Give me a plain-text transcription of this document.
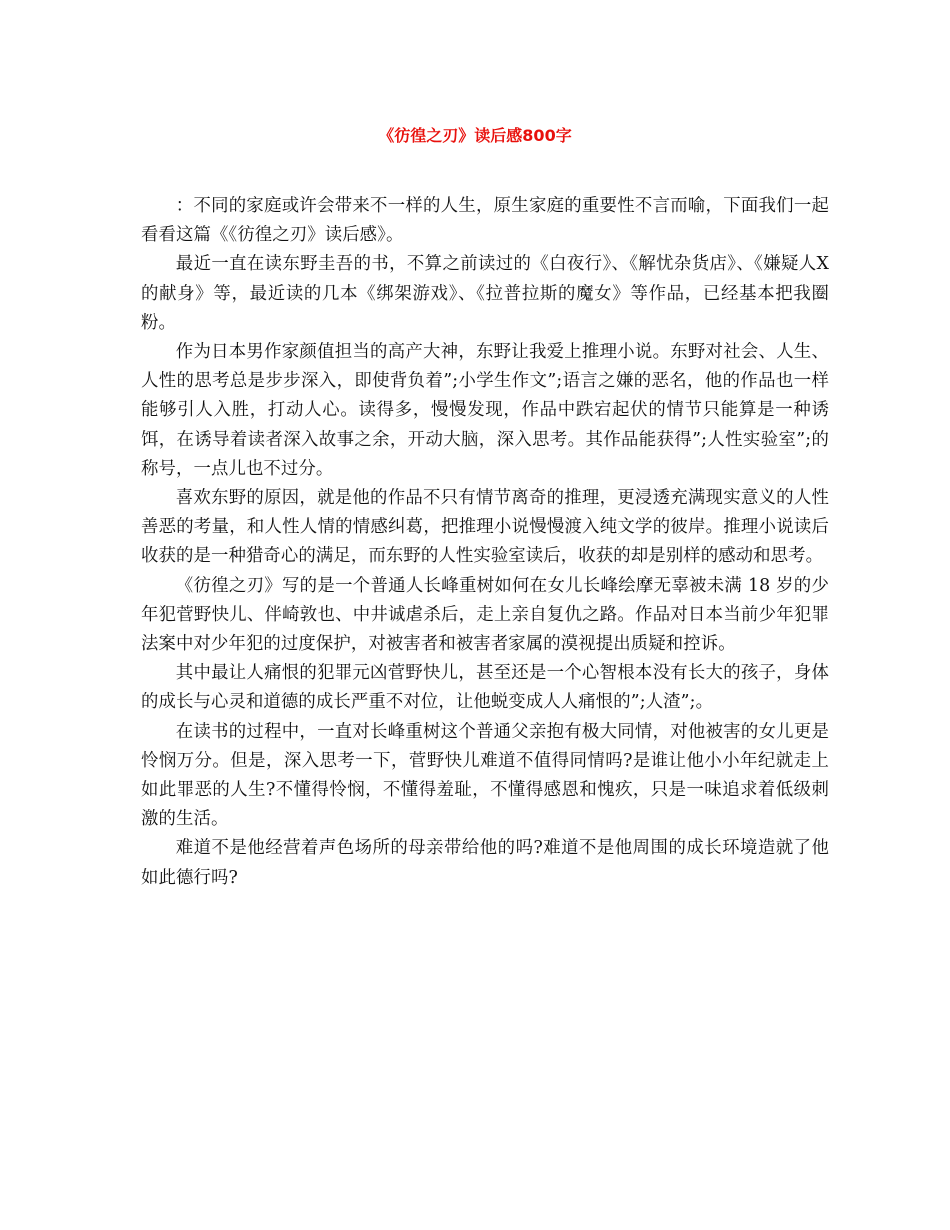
《彷徨之刃》读后感800字

：不同的家庭或许会带来不一样的人生，原生家庭的重要性不言而喻，下面我们一起看看这篇《《彷徨之刃》读后感》。

最近一直在读东野圭吾的书，不算之前读过的《白夜行》、《解忧杂货店》、《嫌疑人X的献身》等，最近读的几本《绑架游戏》、《拉普拉斯的魔女》等作品，已经基本把我圈粉。

作为日本男作家颜值担当的高产大神，东野让我爱上推理小说。东野对社会、人生、人性的思考总是步步深入，即使背负着”;小学生作文”;语言之嫌的恶名，他的作品也一样能够引人入胜，打动人心。读得多，慢慢发现，作品中跌宕起伏的情节只能算是一种诱饵，在诱导着读者深入故事之余，开动大脑，深入思考。其作品能获得”;人性实验室”;的称号，一点儿也不过分。

喜欢东野的原因，就是他的作品不只有情节离奇的推理，更浸透充满现实意义的人性善恶的考量，和人性人情的情感纠葛，把推理小说慢慢渡入纯文学的彼岸。推理小说读后收获的是一种猎奇心的满足，而东野的人性实验室读后，收获的却是别样的感动和思考。

《彷徨之刃》写的是一个普通人长峰重树如何在女儿长峰绘摩无辜被未满 18 岁的少年犯菅野快儿、伴崎敦也、中井诚虐杀后，走上亲自复仇之路。作品对日本当前少年犯罪法案中对少年犯的过度保护，对被害者和被害者家属的漠视提出质疑和控诉。

其中最让人痛恨的犯罪元凶菅野快儿，甚至还是一个心智根本没有长大的孩子，身体的成长与心灵和道德的成长严重不对位，让他蜕变成人人痛恨的”;人渣”;。

在读书的过程中，一直对长峰重树这个普通父亲抱有极大同情，对他被害的女儿更是怜悯万分。但是，深入思考一下，菅野快儿难道不值得同情吗?是谁让他小小年纪就走上如此罪恶的人生?不懂得怜悯，不懂得羞耻，不懂得感恩和愧疚，只是一味追求着低级刺激的生活。

难道不是他经营着声色场所的母亲带给他的吗?难道不是他周围的成长环境造就了他如此德行吗?
